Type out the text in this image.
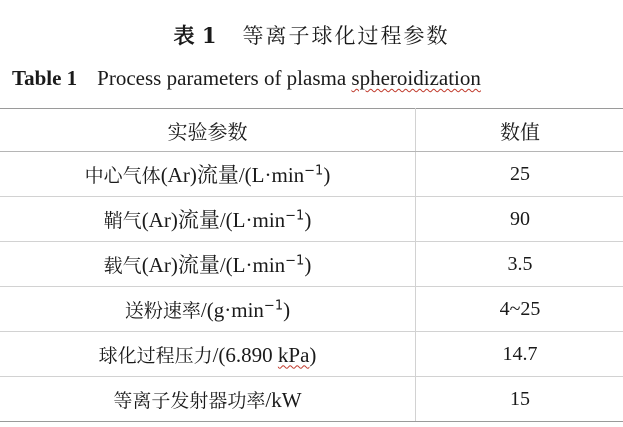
表 1 等离子球化过程参数
Table 1 Process parameters of plasma spheroidization
实验参数	数值
中心气体(Ar)流量$/(L\cdot\min^{-1})$	25
鞘气(Ar)流量$/(L\cdot\min^{-1})$	90
载气(Ar)流量$/(L\cdot\min^{-1})$	3.5
送粉速率$/(g\cdot\min^{-1})$	4~25
球化过程压力/(6.890 kPa)	14.7
等离子发射器功率/kW	15
